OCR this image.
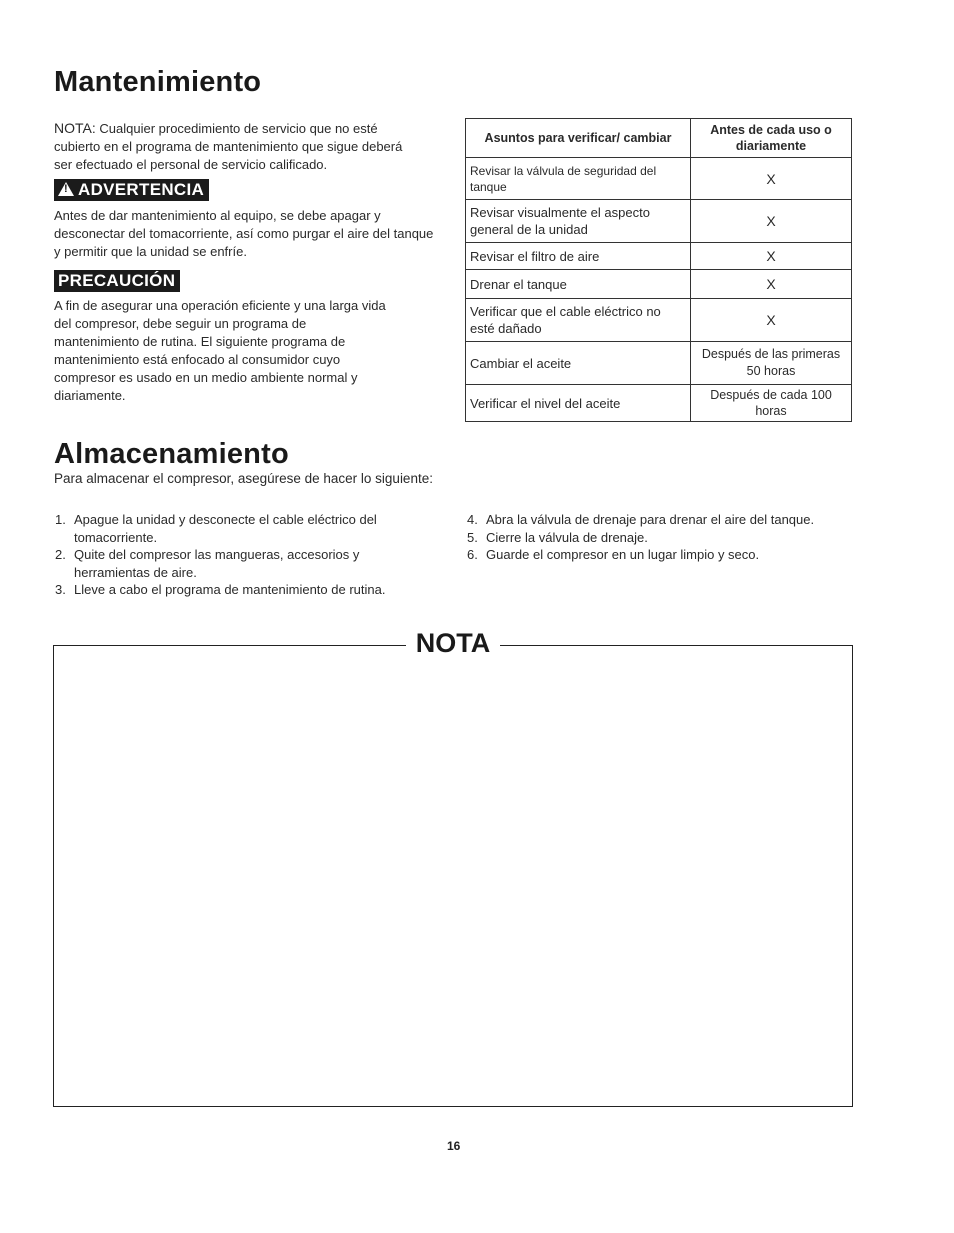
Mantenimiento
NOTA: Cualquier procedimiento de servicio que no esté cubierto en el programa de mantenimiento que sigue deberá ser efectuado el personal de servicio calificado.
!ADVERTENCIA
Antes de dar mantenimiento al equipo, se debe apagar y desconectar del tomacorriente, así como purgar el aire del tanque y permitir que la unidad se enfríe.
PRECAUCIÓN
A fin de asegurar una operación eficiente y una larga vida del compresor, debe seguir un programa de mantenimiento de rutina. El siguiente programa de mantenimiento está enfocado al consumidor cuyo compresor es usado en un medio ambiente normal y diariamente.
Asuntos para verificar/ cambiar	Antes de cada uso o diariamente
Revisar la válvula de seguridad del tanque	X
Revisar visualmente el aspecto general de la unidad	X
Revisar el filtro de aire	X
Drenar el tanque	X
Verificar que el cable eléctrico no esté dañado	X
Cambiar el aceite	Después de las primeras 50 horas
Verificar el nivel del aceite	Después de cada 100 horas
Almacenamiento
Para almacenar el compresor, asegúrese de hacer lo siguiente:
1. Apague la unidad y desconecte el cable eléctrico del tomacorriente.
2. Quite del compresor las mangueras, accesorios y herramientas de aire.
3. Lleve a cabo el programa de mantenimiento de rutina.
4. Abra la válvula de drenaje para drenar el aire del tanque.
5. Cierre la válvula de drenaje.
6. Guarde el compresor en un lugar limpio y seco.
NOTA
16
